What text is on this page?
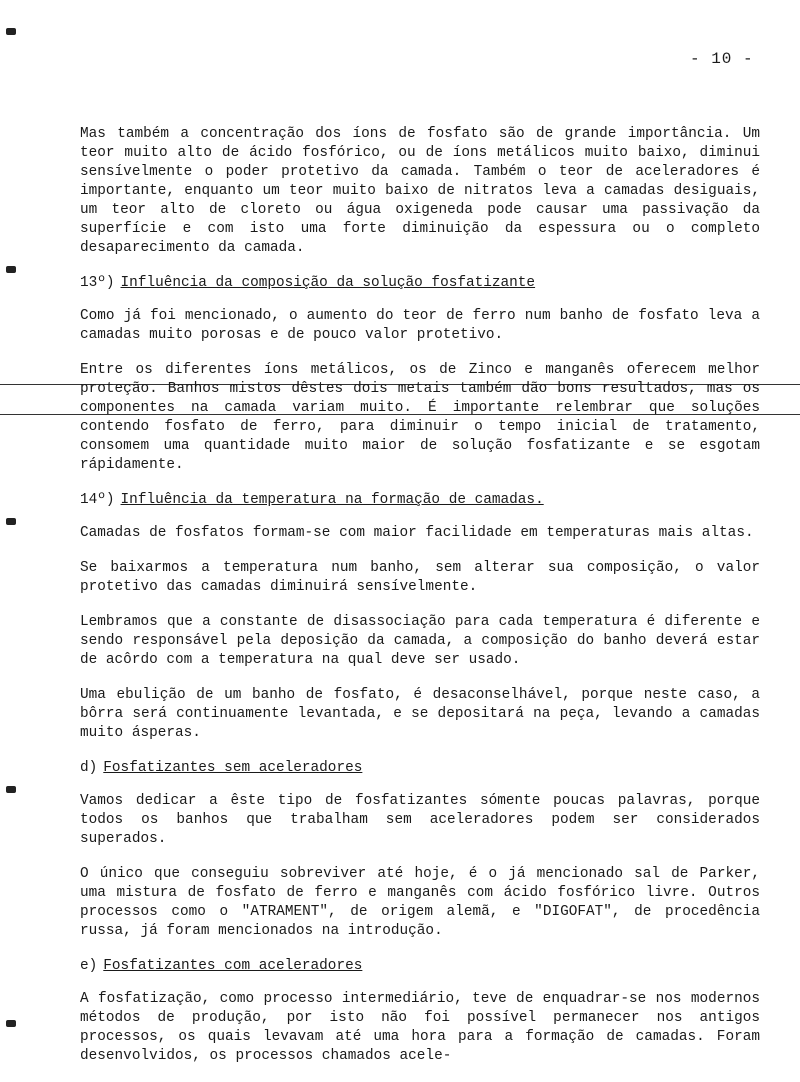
- 10 -

Mas também a concentração dos íons de fosfato são de grande importância. Um teor muito alto de ácido fosfórico, ou de íons metálicos muito baixo, diminui sensívelmente o poder protetivo da camada. Também o teor de aceleradores é importante, enquanto um teor muito baixo de nitratos leva a camadas desiguais, um teor alto de cloreto ou água oxigeneda pode causar uma passivação da superfície e com isto uma forte diminuição da espessura ou o completo desaparecimento da camada.

13º) Influência da composição da solução fosfatizante

Como já foi mencionado, o aumento do teor de ferro num banho de fosfato leva a camadas muito porosas e de pouco valor protetivo.

Entre os diferentes íons metálicos, os de Zinco e manganês oferecem melhor proteção. Banhos mistos dêstes dois metais também dão bons resultados, mas os componentes na camada variam muito. É importante relembrar que soluções contendo fosfato de ferro, para diminuir o tempo inicial de tratamento, consomem uma quantidade muito maior de solução fosfatizante e se esgotam rápidamente.

14º) Influência da temperatura na formação de camadas.

Camadas de fosfatos formam-se com maior facilidade em temperaturas mais altas.

Se baixarmos a temperatura num banho, sem alterar sua composição, o valor protetivo das camadas diminuirá sensívelmente.

Lembramos que a constante de disassociação para cada temperatura é diferente e sendo responsável pela deposição da camada, a composição do banho deverá estar de acôrdo com a temperatura na qual deve ser usado.

Uma ebulição de um banho de fosfato, é desaconselhável, porque neste caso, a bôrra será continuamente levantada, e se depositará na peça, levando a camadas muito ásperas.

d) Fosfatizantes sem aceleradores

Vamos dedicar a êste tipo de fosfatizantes sómente poucas palavras, porque todos os banhos que trabalham sem aceleradores podem ser considerados superados.

O único que conseguiu sobreviver até hoje, é o já mencionado sal de Parker, uma mistura de fosfato de ferro e manganês com ácido fosfórico livre. Outros processos como o "ATRAMENT", de origem alemã, e "DIGOFAT", de procedência russa, já foram mencionados na introdução.

e) Fosfatizantes com aceleradores

A fosfatização, como processo intermediário, teve de enquadrar-se nos modernos métodos de produção, por isto não foi possível permanecer nos antigos processos, os quais levavam até uma hora para a formação de camadas. Foram desenvolvidos, os processos chamados acele-
